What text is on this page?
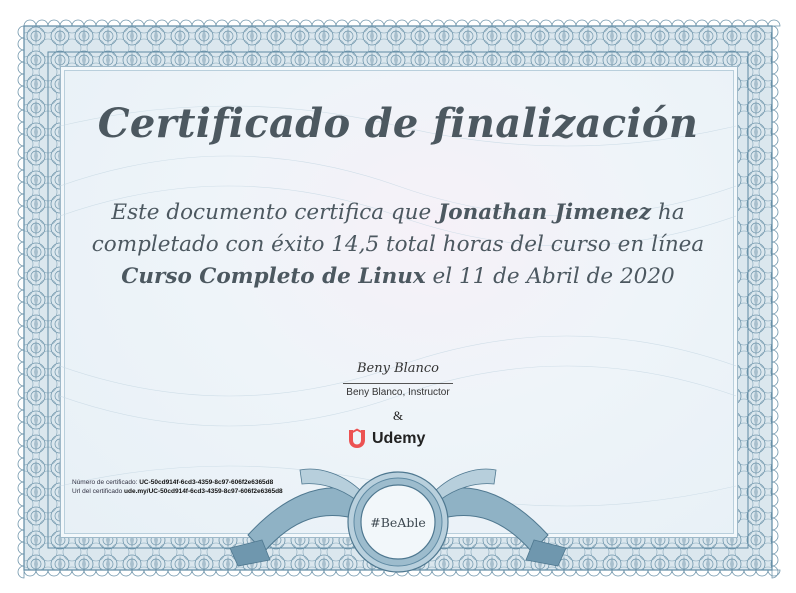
Certificado de finalización
Este documento certifica que Jonathan Jimenez ha completado con éxito 14,5 total horas del curso en línea Curso Completo de Linux el 11 de Abril de 2020
Beny Blanco
Beny Blanco, Instructor
&
Udemy
Número de certificado: UC-50cd914f-6cd3-4359-8c97-606f2e6365d8
Url del certificado ude.my/UC-50cd914f-6cd3-4359-8c97-606f2e6365d8
#BeAble
